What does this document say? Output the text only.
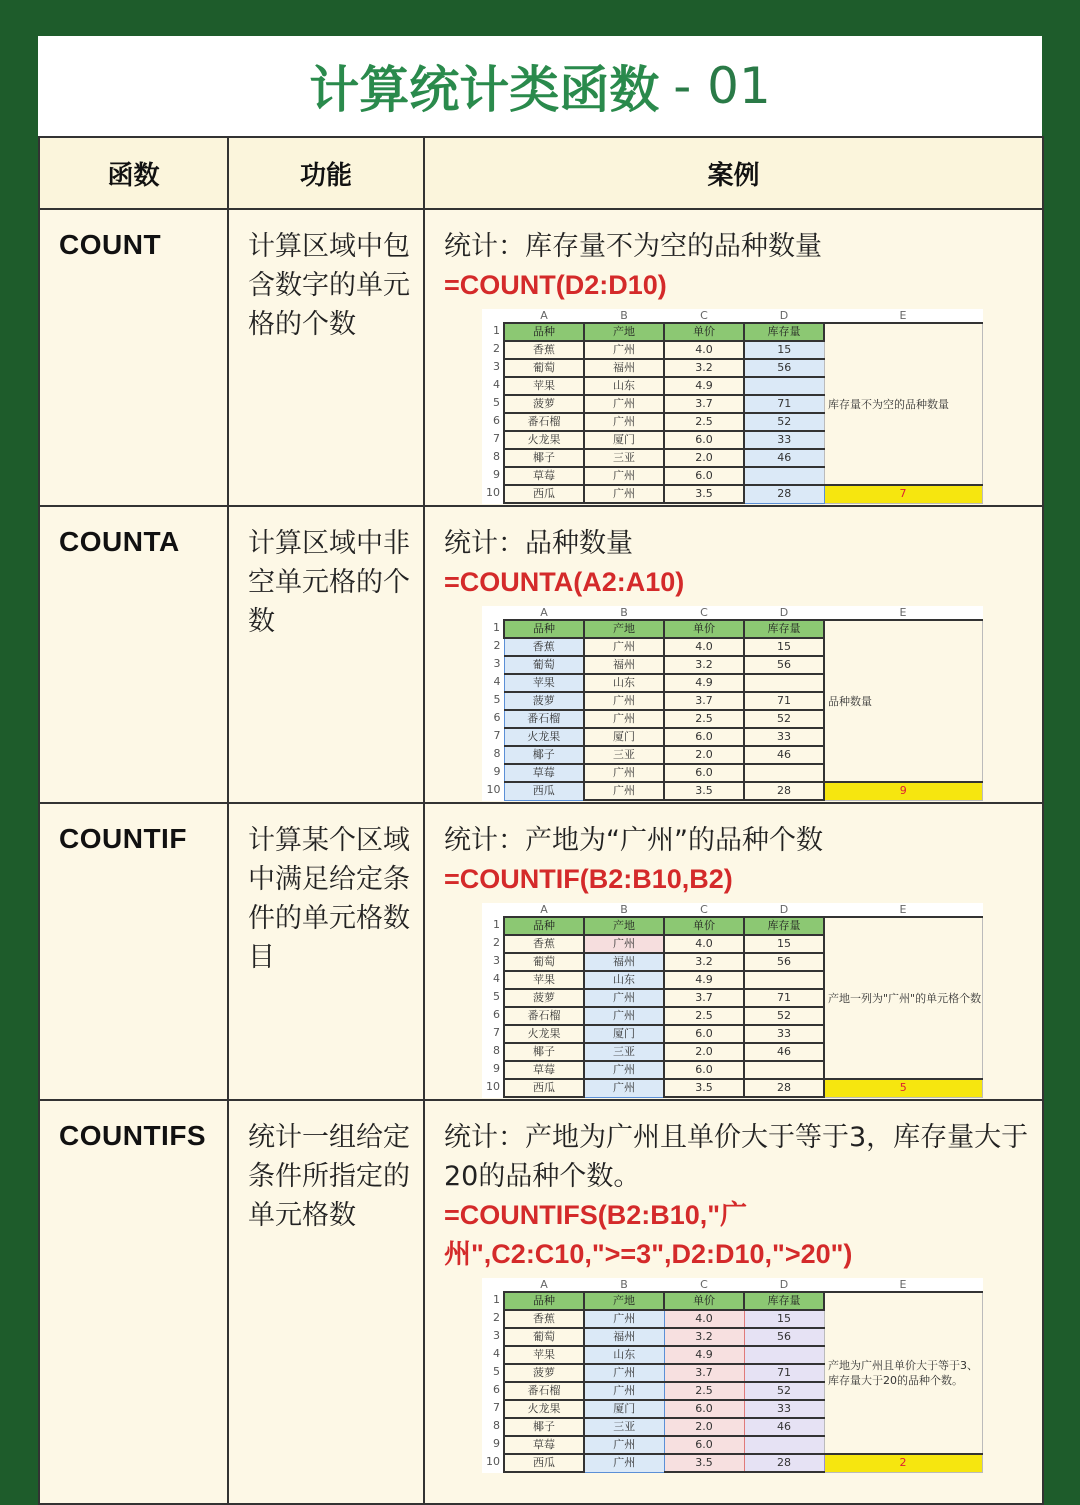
计算统计类函数 - 01
函数	功能	案例

COUNT	计算区域中包含数字的单元格的个数

统计：库存量不为空的品种数量
=COUNT(D2:D10)
	A	B	C	D	E
1	品种	产地	单价	库存量	库存量不为空的品种数量
2	香蕉	广州	4.0	15
3	葡萄	福州	3.2	56
4	苹果	山东	4.9	
5	菠萝	广州	3.7	71
6	番石榴	广州	2.5	52
7	火龙果	厦门	6.0	33
8	椰子	三亚	2.0	46
9	草莓	广州	6.0	
10	西瓜	广州	3.5	28	7

COUNTA	计算区域中非空单元格的个数

统计：品种数量
=COUNTA(A2:A10)
	A	B	C	D	E
1	品种	产地	单价	库存量	品种数量
2	香蕉	广州	4.0	15
3	葡萄	福州	3.2	56
4	苹果	山东	4.9	
5	菠萝	广州	3.7	71
6	番石榴	广州	2.5	52
7	火龙果	厦门	6.0	33
8	椰子	三亚	2.0	46
9	草莓	广州	6.0	
10	西瓜	广州	3.5	28	9

COUNTIF	计算某个区域中满足给定条件的单元格数目

统计：产地为“广州”的品种个数
=COUNTIF(B2:B10,B2)
	A	B	C	D	E
1	品种	产地	单价	库存量	产地一列为"广州"的单元格个数
2	香蕉	广州	4.0	15
3	葡萄	福州	3.2	56
4	苹果	山东	4.9	
5	菠萝	广州	3.7	71
6	番石榴	广州	2.5	52
7	火龙果	厦门	6.0	33
8	椰子	三亚	2.0	46
9	草莓	广州	6.0	
10	西瓜	广州	3.5	28	5

COUNTIFS	统计一组给定条件所指定的单元格数

统计：产地为广州且单价大于等于3，库存量大于20的品种个数。
=COUNTIFS(B2:B10,"广州",C2:C10,">=3",D2:D10,">20")
	A	B	C	D	E
1	品种	产地	单价	库存量	产地为广州且单价大于等于3、库存量大于20的品种个数。
2	香蕉	广州	4.0	15
3	葡萄	福州	3.2	56
4	苹果	山东	4.9	
5	菠萝	广州	3.7	71
6	番石榴	广州	2.5	52
7	火龙果	厦门	6.0	33
8	椰子	三亚	2.0	46
9	草莓	广州	6.0	
10	西瓜	广州	3.5	28	2
